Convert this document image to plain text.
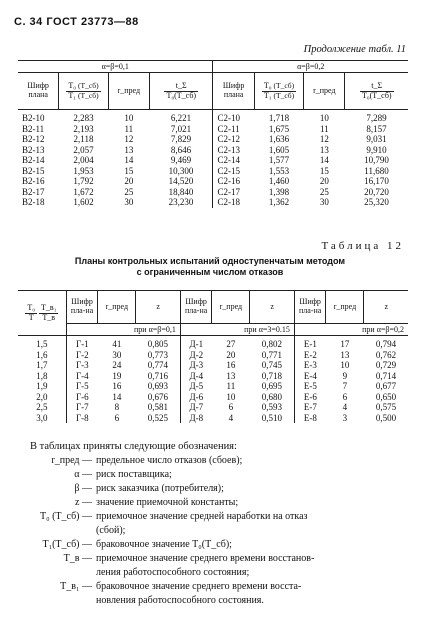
С. 34 ГОСТ 23773—88
Продолжение табл. 11
α=β=0,1				α=β=0,2			
Шифр плана	$\frac{\text{T₀ (T\_сб)}}{\text{T₁ (T\_сб)}}$	r_пред	$\frac{t\_\Sigma}{\text{T₀(T\_сб)}}$	Шифр плана	$\frac{\text{T₀ (T\_сб)}}{\text{T₁ (T\_сб)}}$	r_пред	$\frac{t\_\Sigma}{\text{T₀(T\_сб)}}$

В2-10	2,283	10	6,221	С2-10	1,718	10	7,289
В2-11	2,193	11	7,021	С2-11	1,675	11	8,157
В2-12	2,118	12	7,829	С2-12	1,636	12	9,031
В2-13	2,057	13	8,646	С2-13	1,605	13	9,910
В2-14	2,004	14	9,469	С2-14	1,577	14	10,790
В2-15	1,953	15	10,300	С2-15	1,553	15	11,680
В2-16	1,792	20	14,520	С2-16	1,460	20	16,170
В2-17	1,672	25	18,840	С2-17	1,398	25	20,720
В2-18	1,602	30	23,230	С2-18	1,362	30	25,320
Таблица 12
Планы контрольных испытаний одноступенчатым методом
с ограниченным числом отказов
$\frac{\text{T₀}}{T}$
$\frac{\text{T\_в₁}}{T\_в}$	Шифр пла-на	r_пред	z	Шифр пла-на	r_пред	z	Шифр пла-на	r_пред	z
	при α=β=0,1			при α=3=0.15			при α=β=0,2		
1,5	Г-1	41	0,805	Д-1	27	0,802	Е-1	17	0,794
1,6	Г-2	30	0,773	Д-2	20	0,771	Е-2	13	0,762
1,7	Г-3	24	0,774	Д-3	16	0,745	Е-3	10	0,729
1,8	Г-4	19	0,716	Д-4	13	0,718	Е-4	9	0,714
1,9	Г-5	16	0,693	Д-5	11	0,695	Е-5	7	0,677
2,0	Г-6	14	0,676	Д-6	10	0,680	Е-6	6	0,650
2,5	Г-7	8	0,581	Д-7	6	0,593	Е-7	4	0,575
3,0	Г-8	6	0,525	Д-8	4	0,510	Е-8	3	0,500
В таблицах приняты следующие обозначения:
r_пред — предельное число отказов (сбоев);
α — риск поставщика;
β — риск заказчика (потребителя);
z — значение приемочной константы;
T₀ (T_сб) — приемочное значение средней наработки на отказ
(сбой);
T₁(T_сб) — браковочное значение T₀(T_сб);
T_в — приемочное значение среднего времени восстанов-
ления работоспособного состояния;
T_в₁ — браковочное значение среднего времени восста-
новления работоспособного состояния.
